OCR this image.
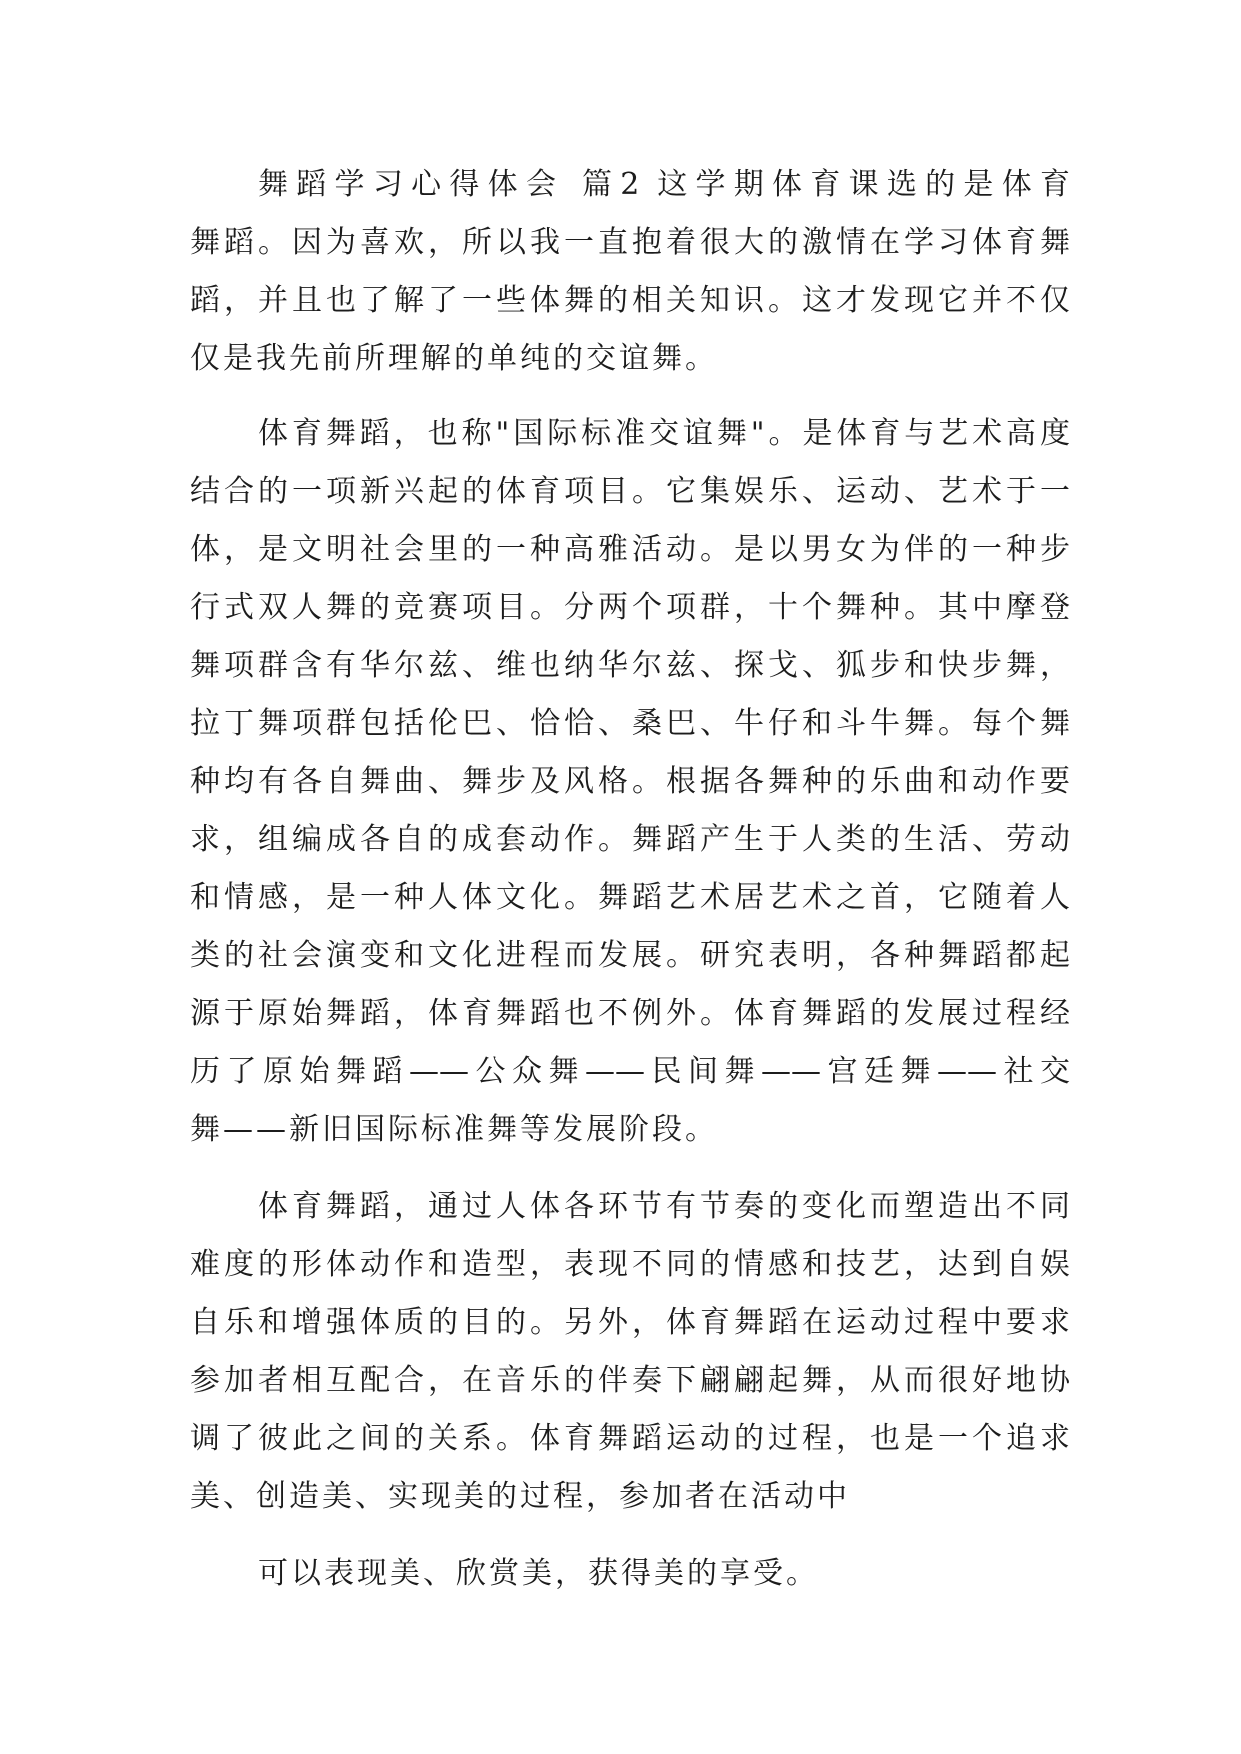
舞蹈学习心得体会 篇2 这学期体育课选的是体育
舞蹈。因为喜欢，所以我一直抱着很大的激情在学习体育舞
蹈，并且也了解了一些体舞的相关知识。这才发现它并不仅
仅是我先前所理解的单纯的交谊舞。
体育舞蹈，也称"国际标准交谊舞"。是体育与艺术高度
结合的一项新兴起的体育项目。它集娱乐、运动、艺术于一
体，是文明社会里的一种高雅活动。是以男女为伴的一种步
行式双人舞的竞赛项目。分两个项群，十个舞种。其中摩登
舞项群含有华尔兹、维也纳华尔兹、探戈、狐步和快步舞，
拉丁舞项群包括伦巴、恰恰、桑巴、牛仔和斗牛舞。每个舞
种均有各自舞曲、舞步及风格。根据各舞种的乐曲和动作要
求，组编成各自的成套动作。舞蹈产生于人类的生活、劳动
和情感，是一种人体文化。舞蹈艺术居艺术之首，它随着人
类的社会演变和文化进程而发展。研究表明，各种舞蹈都起
源于原始舞蹈，体育舞蹈也不例外。体育舞蹈的发展过程经
历了原始舞蹈——公众舞——民间舞——宫廷舞——社交
舞——新旧国际标准舞等发展阶段。
体育舞蹈，通过人体各环节有节奏的变化而塑造出不同
难度的形体动作和造型，表现不同的情感和技艺，达到自娱
自乐和增强体质的目的。另外，体育舞蹈在运动过程中要求
参加者相互配合，在音乐的伴奏下翩翩起舞，从而很好地协
调了彼此之间的关系。体育舞蹈运动的过程，也是一个追求
美、创造美、实现美的过程，参加者在活动中
可以表现美、欣赏美，获得美的享受。
